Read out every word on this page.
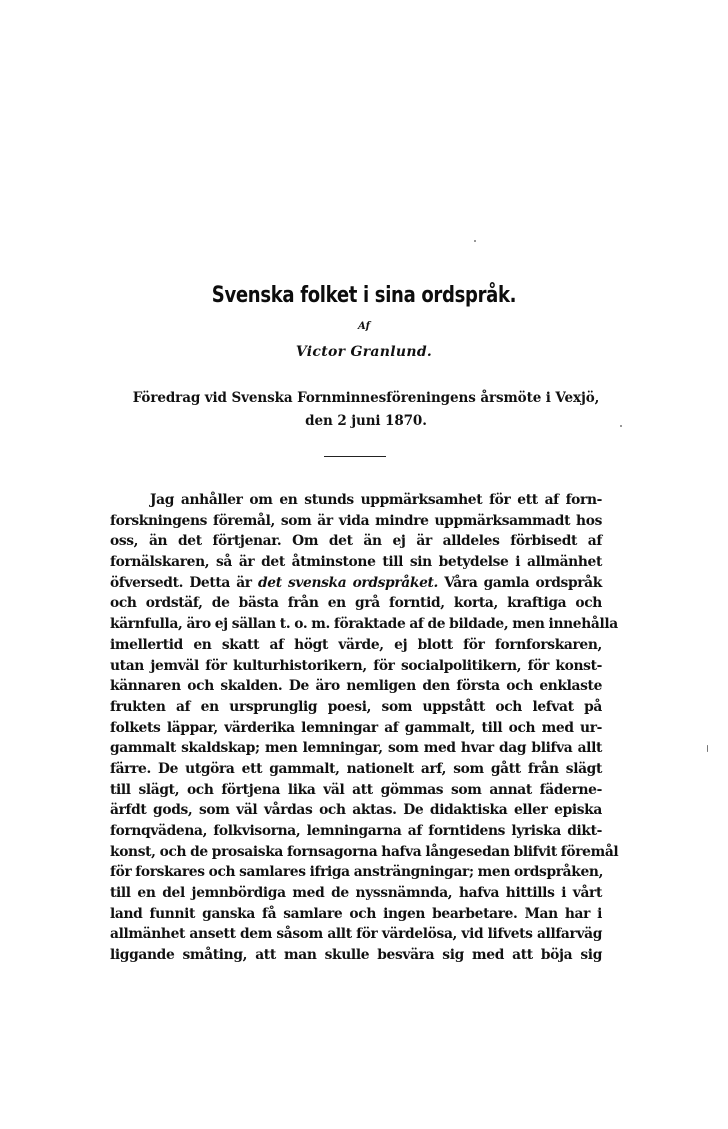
Svenska folket i sina ordspråk.
Af
Victor Granlund.
Föredrag vid Svenska Fornminnesföreningens årsmöte i Vexjö,
den 2 juni 1870.
Jag anhåller om en stunds uppmärksamhet för ett af forn-
forskningens föremål, som är vida mindre uppmärksammadt hos
oss, än det förtjenar. Om det än ej är alldeles förbisedt af
fornälskaren, så är det åtminstone till sin betydelse i allmänhet
öfversedt. Detta är det svenska ordspråket. Våra gamla ordspråk
och ordstäf, de bästa från en grå forntid, korta, kraftiga och
kärnfulla, äro ej sällan t. o. m. föraktade af de bildade, men innehålla
imellertid en skatt af högt värde, ej blott för fornforskaren,
utan jemväl för kulturhistorikern, för socialpolitikern, för konst-
kännaren och skalden. De äro nemligen den första och enklaste
frukten af en ursprunglig poesi, som uppstått och lefvat på
folkets läppar, värderika lemningar af gammalt, till och med ur-
gammalt skaldskap; men lemningar, som med hvar dag blifva allt
färre. De utgöra ett gammalt, nationelt arf, som gått från slägt
till slägt, och förtjena lika väl att gömmas som annat fäderne-
ärfdt gods, som väl vårdas och aktas. De didaktiska eller episka
fornqvädena, folkvisorna, lemningarna af forntidens lyriska dikt-
konst, och de prosaiska fornsagorna hafva långesedan blifvit föremål
för forskares och samlares ifriga ansträngningar; men ordspråken,
till en del jemnbördiga med de nyssnämnda, hafva hittills i vårt
land funnit ganska få samlare och ingen bearbetare. Man har i
allmänhet ansett dem såsom allt för värdelösa, vid lifvets allfarväg
liggande småting, att man skulle besvära sig med att böja sig
